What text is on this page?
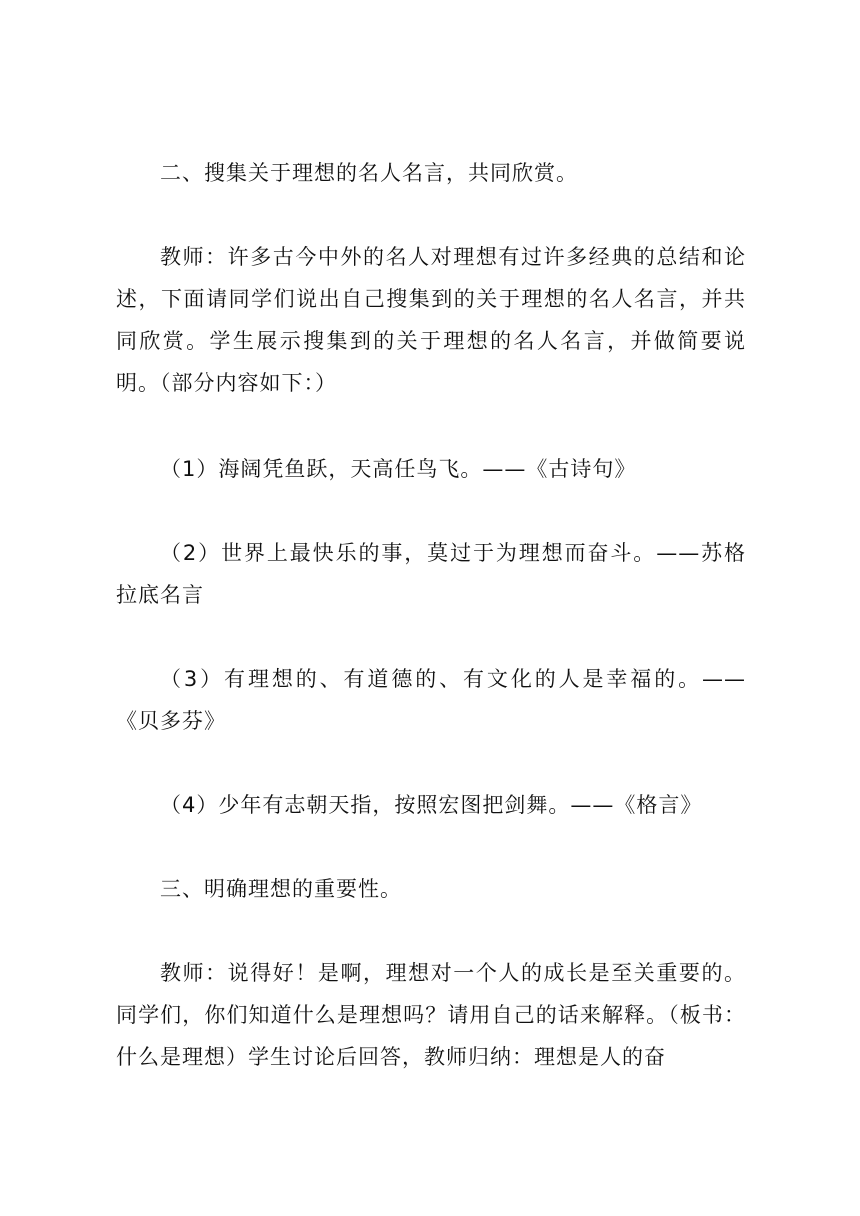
二、搜集关于理想的名人名言，共同欣赏。

教师：许多古今中外的名人对理想有过许多经典的总结和论述，下面请同学们说出自己搜集到的关于理想的名人名言，并共同欣赏。学生展示搜集到的关于理想的名人名言，并做简要说明。（部分内容如下：）

（1）海阔凭鱼跃，天高任鸟飞。——《古诗句》

（2）世界上最快乐的事，莫过于为理想而奋斗。——苏格拉底名言

（3）有理想的、有道德的、有文化的人是幸福的。——《贝多芬》

（4）少年有志朝天指，按照宏图把剑舞。——《格言》

三、明确理想的重要性。

教师：说得好！是啊，理想对一个人的成长是至关重要的。同学们，你们知道什么是理想吗？请用自己的话来解释。（板书：什么是理想）学生讨论后回答，教师归纳：理想是人的奋
